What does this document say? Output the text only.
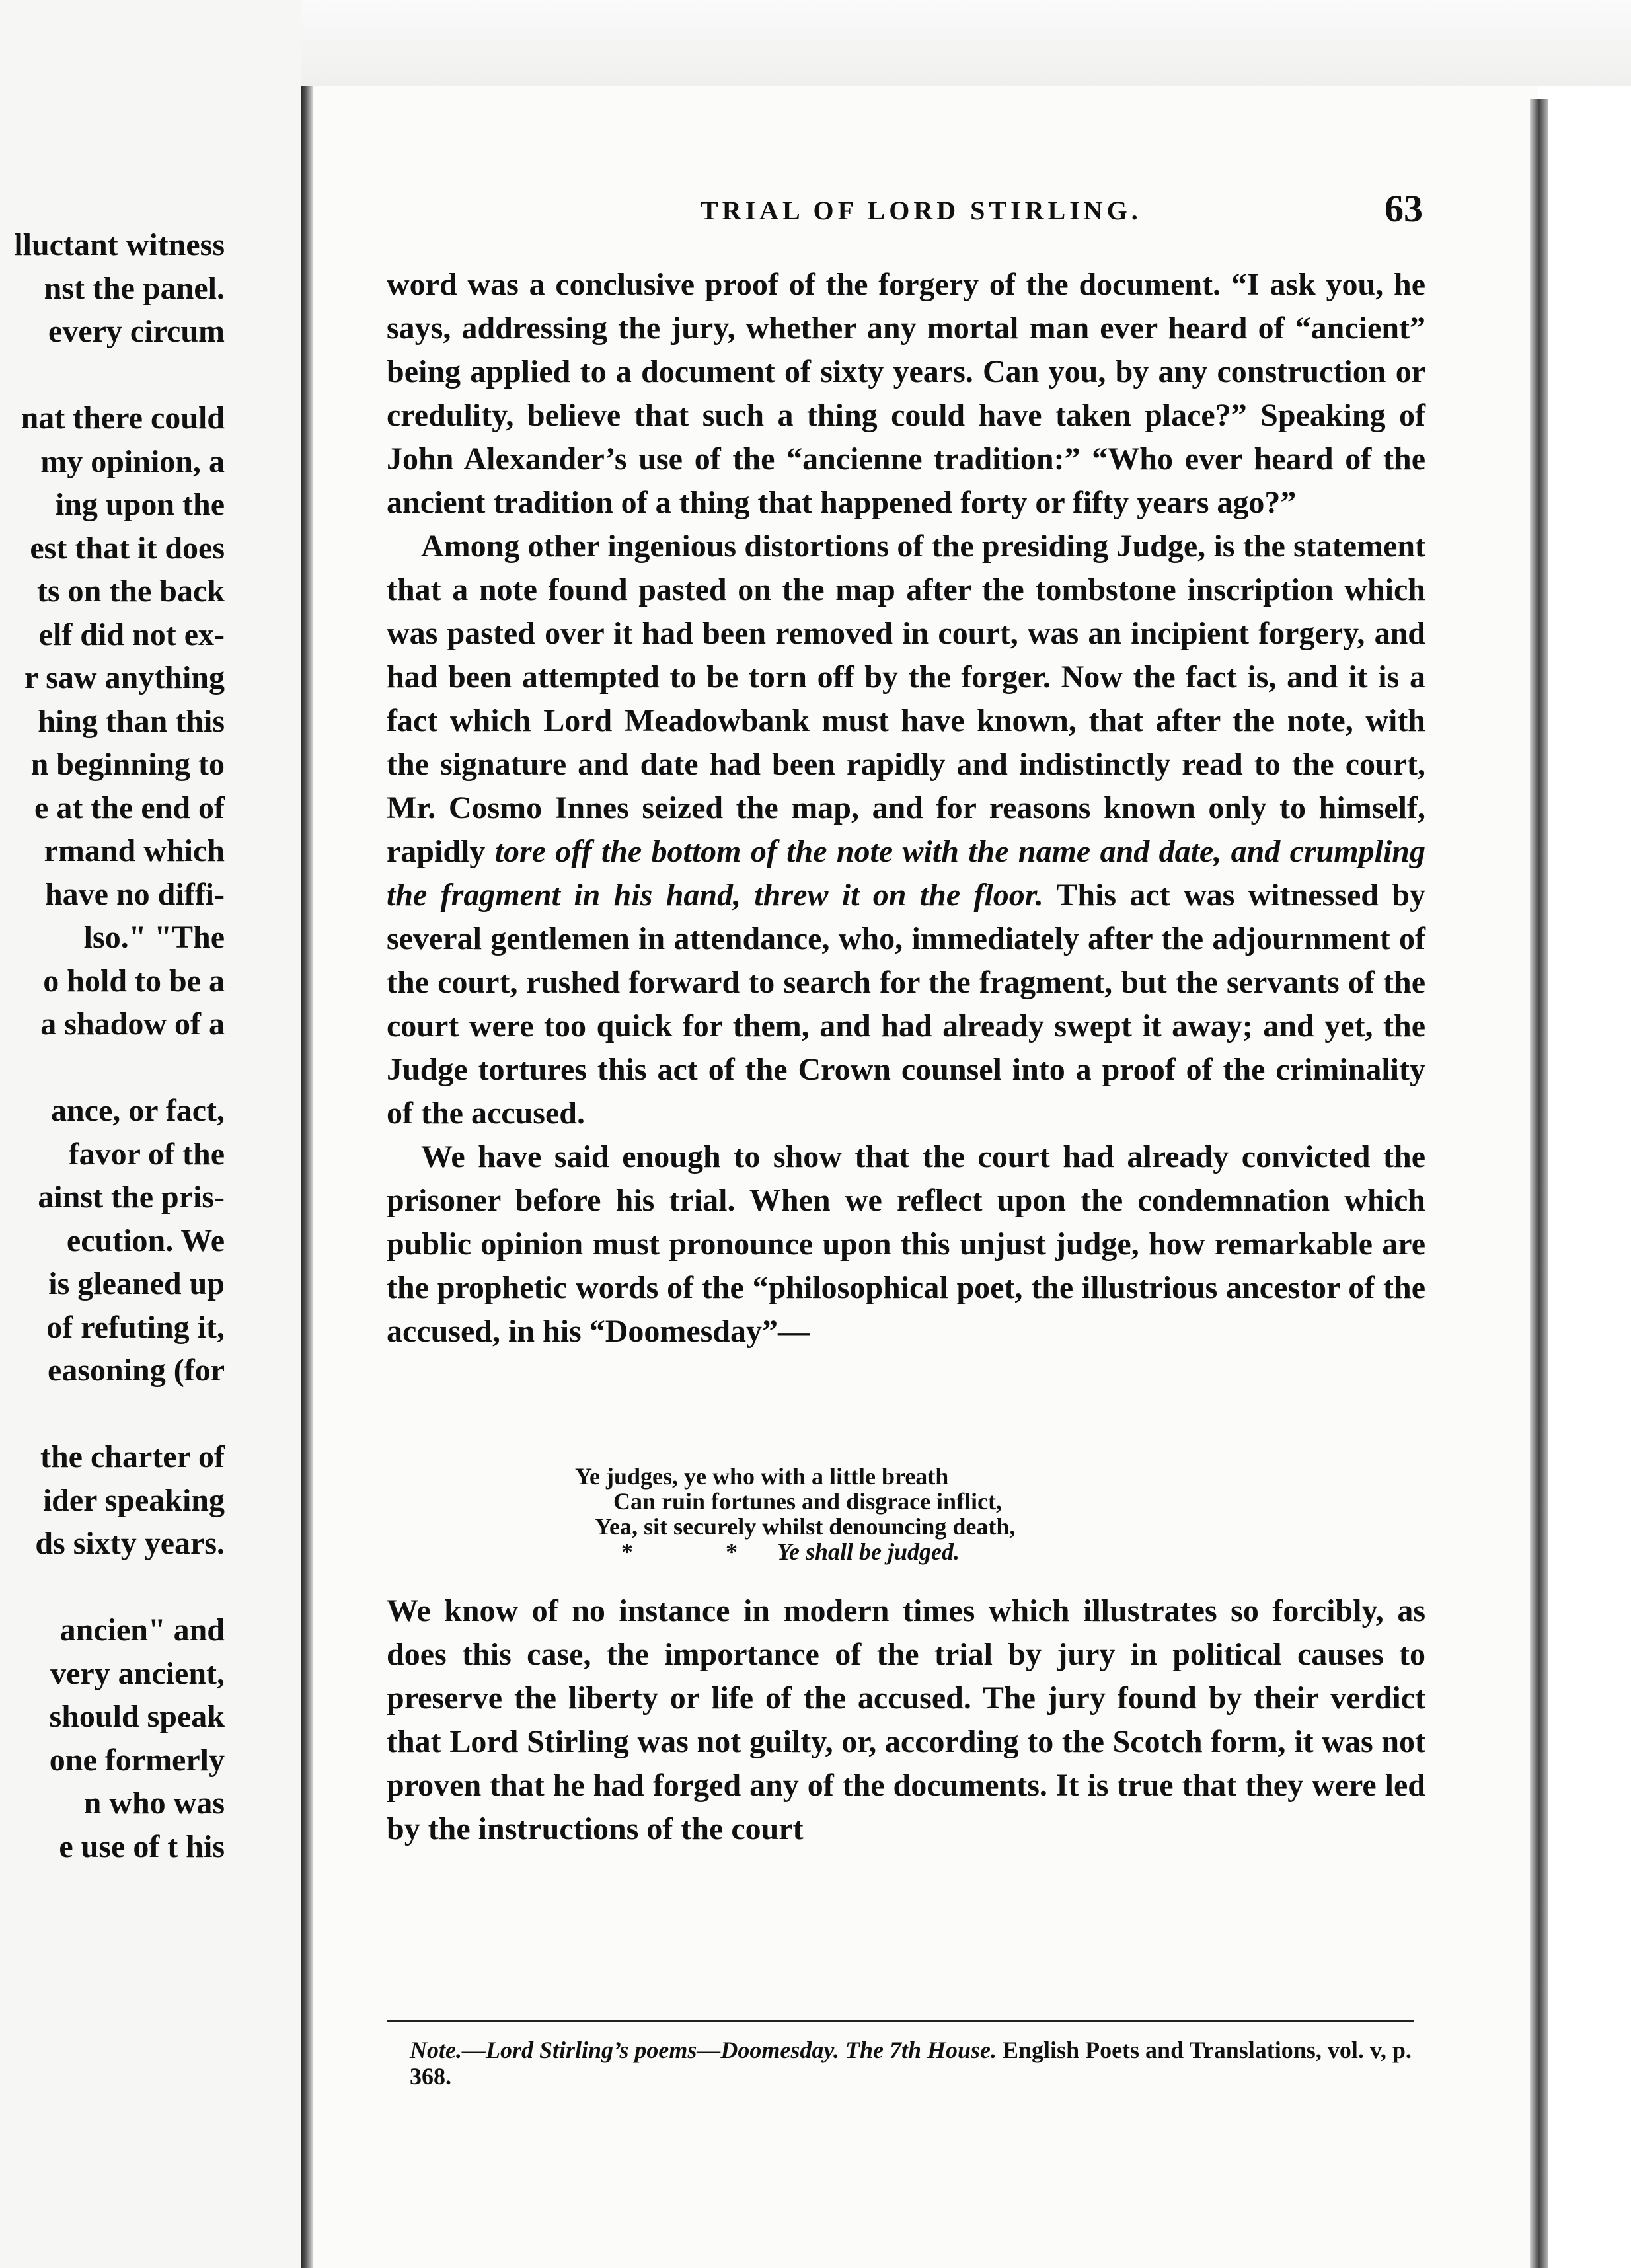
lluctant witness
nst the panel.
every circum
nat there could
my opinion, a
ing upon the
est that it does
ts on the back
elf did not ex-
r saw anything
hing than this
n beginning to
e at the end of
rmand which
have no diffi-
lso." "The
o hold to be a
a shadow of a
ance, or fact,
favor of the
ainst the pris-
ecution. We
is gleaned up
of refuting it,
easoning (for
the charter of
ider speaking
ds sixty years.
ancien" and
very ancient,
should speak
one formerly
n who was
e use of t his
TRIAL OF LORD STIRLING.	63

word was a conclusive proof of the forgery of the document. “I ask you, he says, addressing the jury, whether any mortal man ever heard of “ancient” being applied to a document of sixty years. Can you, by any construction or credulity, believe that such a thing could have taken place?” Speaking of John Alexander’s use of the “ancienne tradition:” “Who ever heard of the ancient tradition of a thing that happened forty or fifty years ago?”

Among other ingenious distortions of the presiding Judge, is the statement that a note found pasted on the map after the tombstone inscription which was pasted over it had been removed in court, was an incipient forgery, and had been attempted to be torn off by the forger. Now the fact is, and it is a fact which Lord Meadowbank must have known, that after the note, with the signature and date had been rapidly and indistinctly read to the court, Mr. Cosmo Innes seized the map, and for reasons known only to himself, rapidly tore off the bottom of the note with the name and date, and crumpling the fragment in his hand, threw it on the floor. This act was witnessed by several gentlemen in attendance, who, immediately after the adjournment of the court, rushed forward to search for the fragment, but the servants of the court were too quick for them, and had already swept it away; and yet, the Judge tortures this act of the Crown counsel into a proof of the criminality of the accused.

We have said enough to show that the court had already convicted the prisoner before his trial. When we reflect upon the condemnation which public opinion must pronounce upon this unjust judge, how remarkable are the prophetic words of the “philosophical poet, the illustrious ancestor of the accused, in his “Doomesday”—

Ye judges, ye who with a little breath
Can ruin fortunes and disgrace inflict,
Yea, sit securely whilst denouncing death,
*	* Ye shall be judged.
We know of no instance in modern times which illustrates so forcibly, as does this case, the importance of the trial by jury in political causes to preserve the liberty or life of the accused. The jury found by their verdict that Lord Stirling was not guilty, or, according to the Scotch form, it was not proven that he had forged any of the documents. It is true that they were led by the instructions of the court
Note.—Lord Stirling’s poems—Doomesday. The 7th House. English Poets and Translations, vol. v, p. 368.
